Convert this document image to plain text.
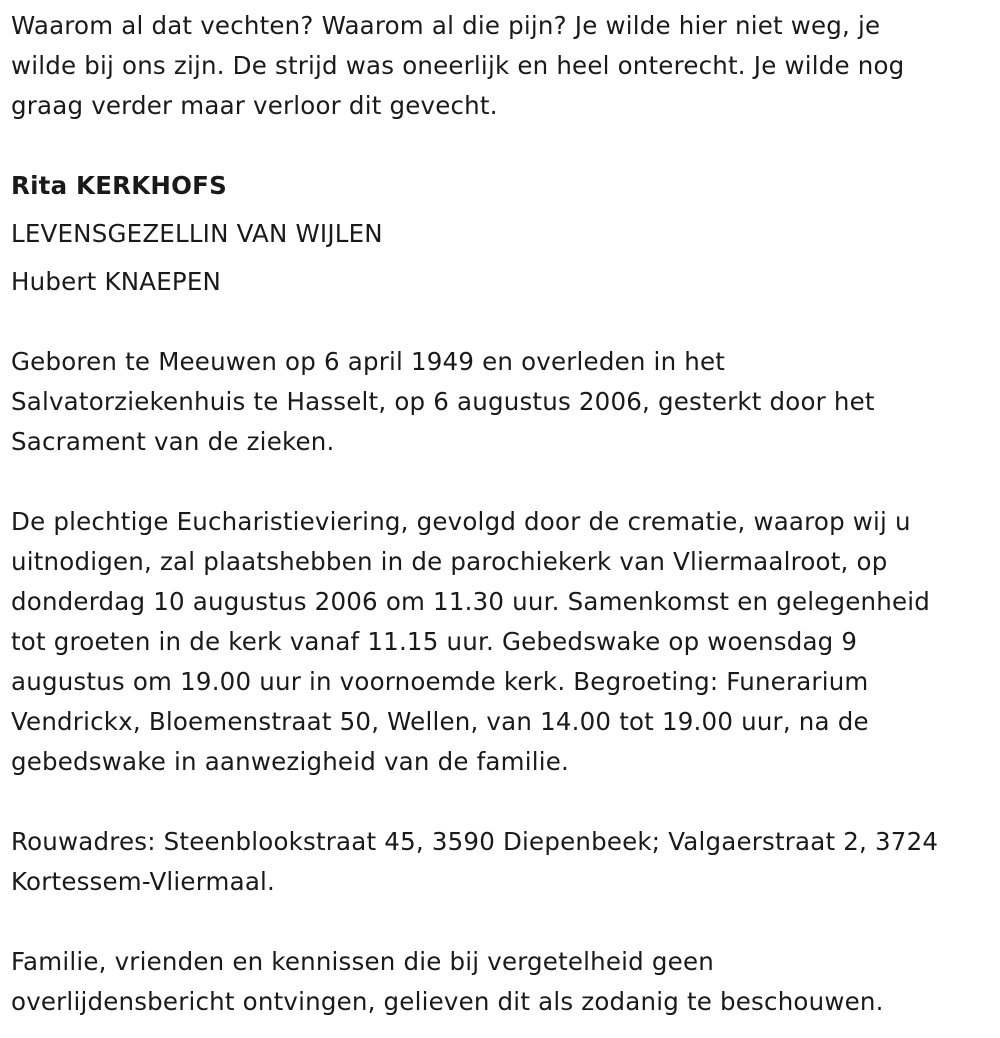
Waarom al dat vechten? Waarom al die pijn? Je wilde hier niet weg, je
wilde bij ons zijn. De strijd was oneerlijk en heel onterecht. Je wilde nog
graag verder maar verloor dit gevecht.

Rita KERKHOFS
LEVENSGEZELLIN VAN WIJLEN
Hubert KNAEPEN

Geboren te Meeuwen op 6 april 1949 en overleden in het
Salvatorziekenhuis te Hasselt, op 6 augustus 2006, gesterkt door het
Sacrament van de zieken.

De plechtige Eucharistieviering, gevolgd door de crematie, waarop wij u
uitnodigen, zal plaatshebben in de parochiekerk van Vliermaalroot, op
donderdag 10 augustus 2006 om 11.30 uur. Samenkomst en gelegenheid
tot groeten in de kerk vanaf 11.15 uur. Gebedswake op woensdag 9
augustus om 19.00 uur in voornoemde kerk. Begroeting: Funerarium
Vendrickx, Bloemenstraat 50, Wellen, van 14.00 tot 19.00 uur, na de
gebedswake in aanwezigheid van de familie.

Rouwadres: Steenblookstraat 45, 3590 Diepenbeek; Valgaerstraat 2, 3724
Kortessem-Vliermaal.

Familie, vrienden en kennissen die bij vergetelheid geen
overlijdensbericht ontvingen, gelieven dit als zodanig te beschouwen.
